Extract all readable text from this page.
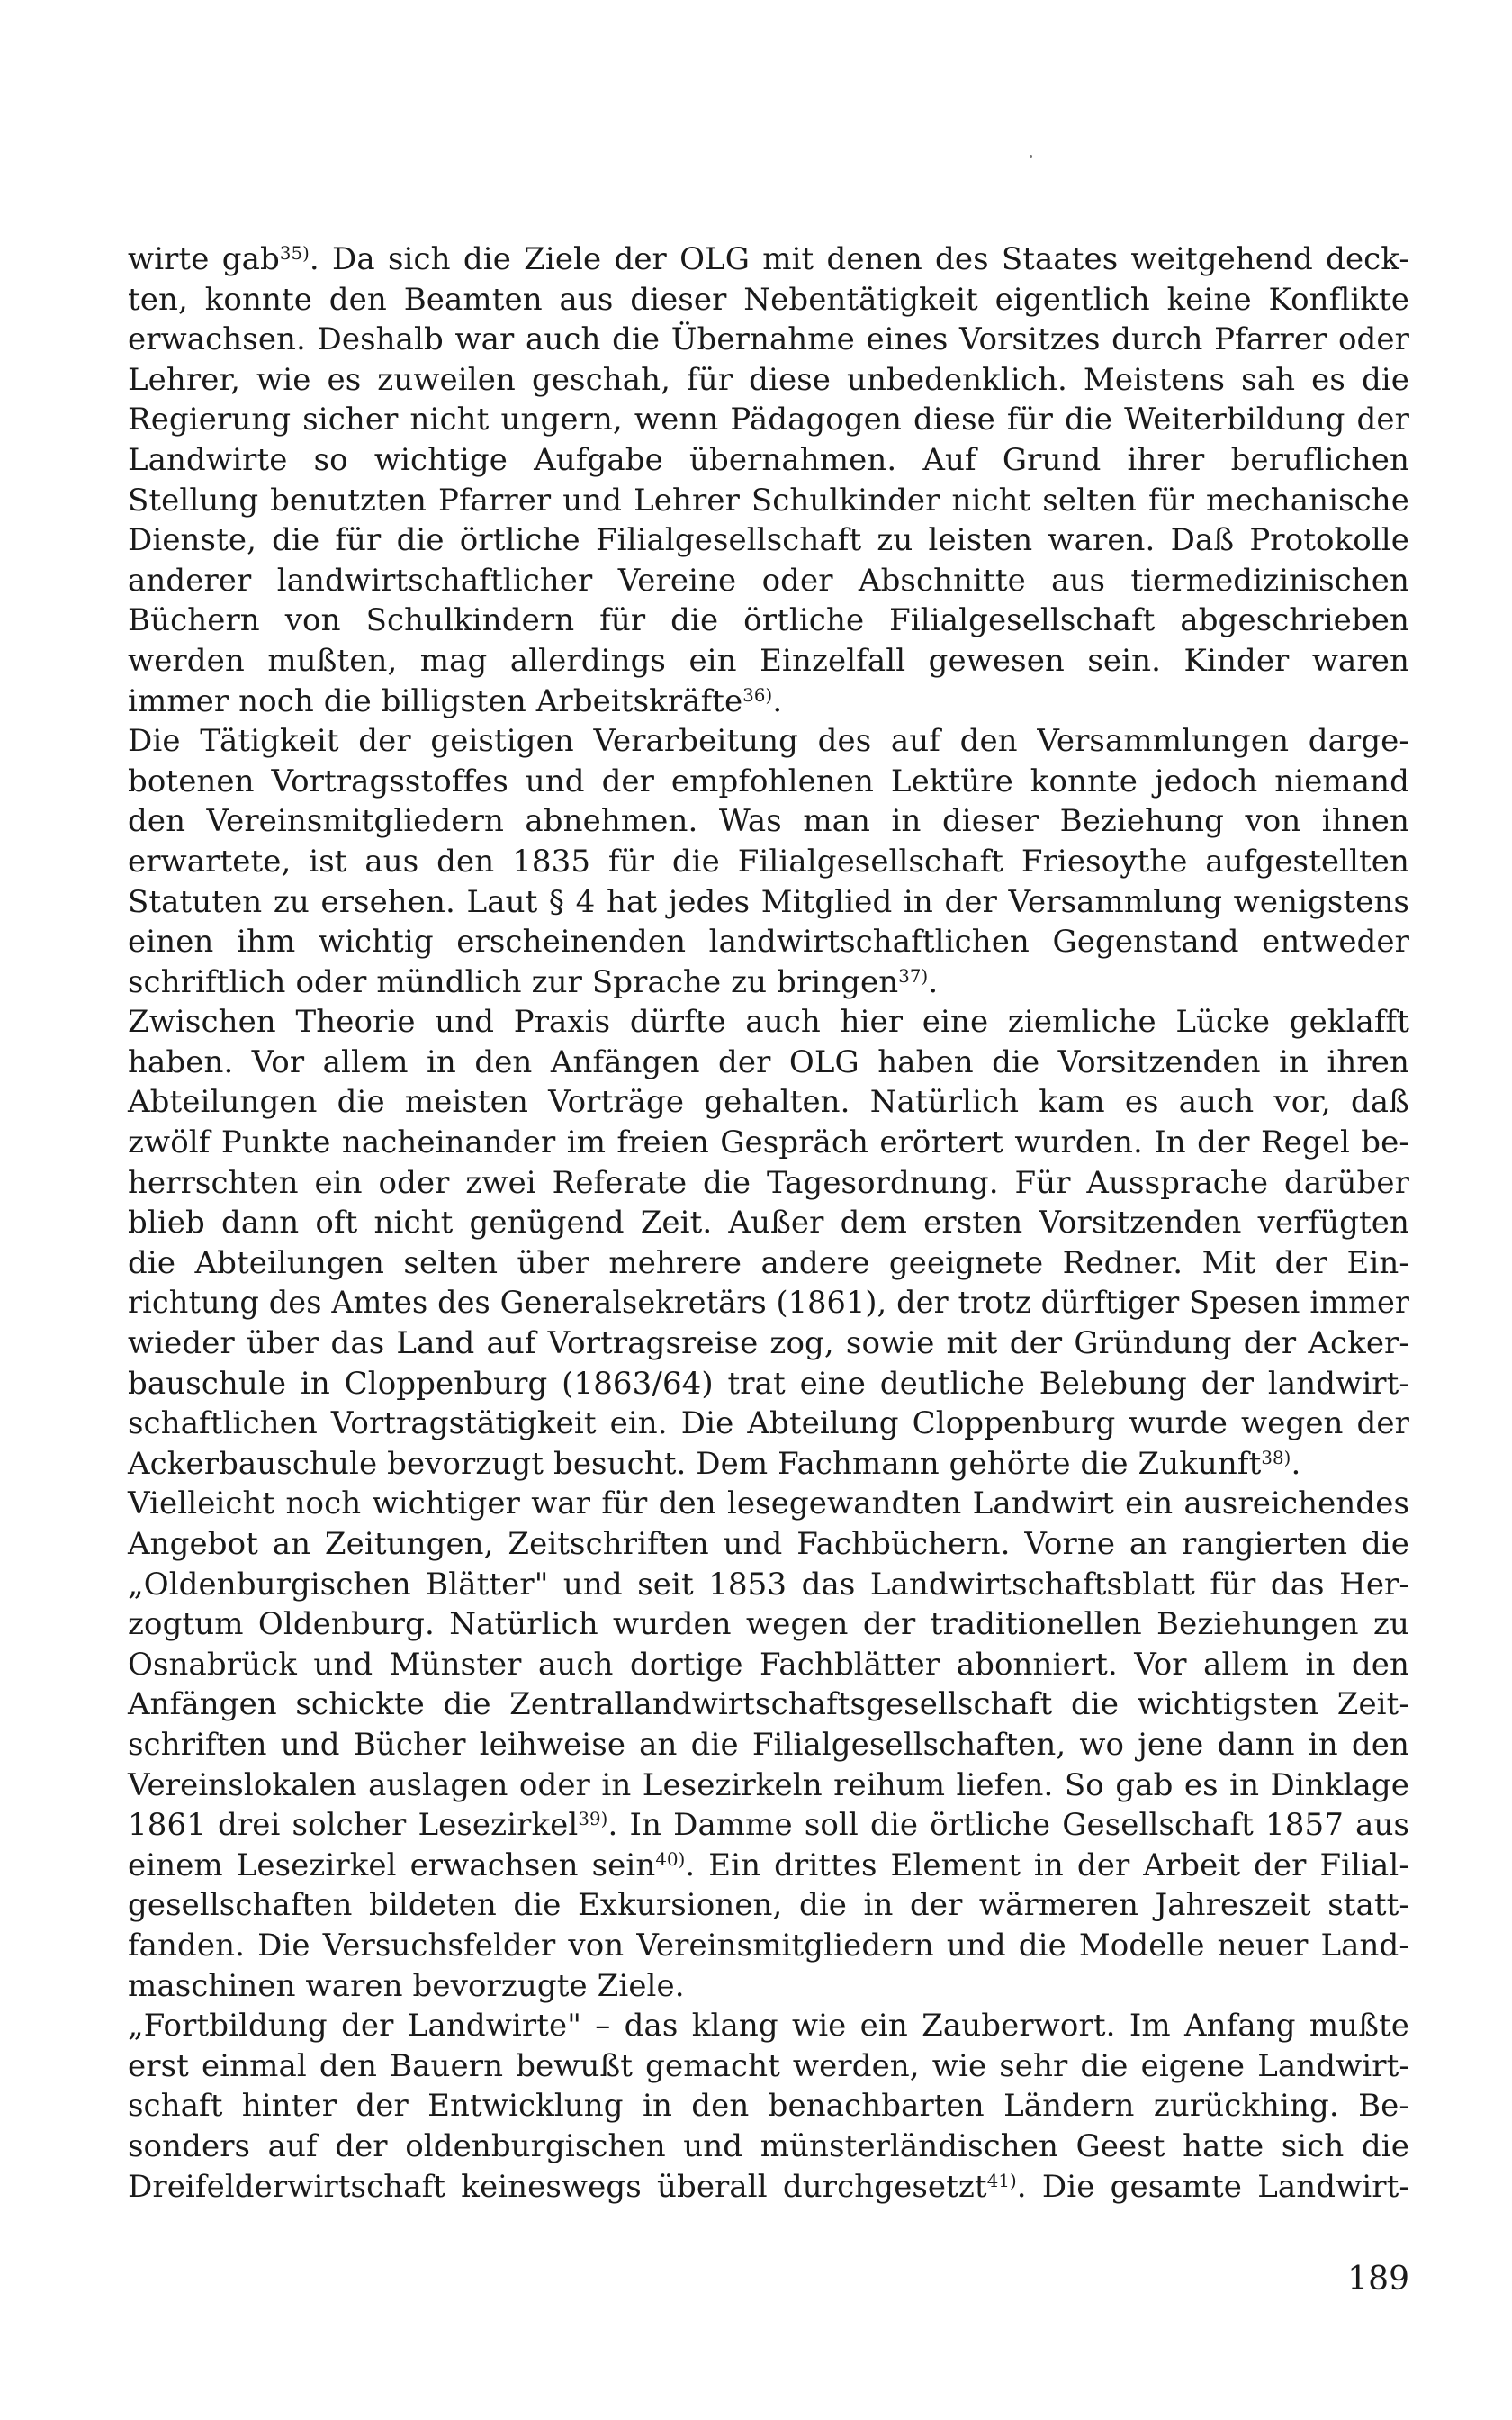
wirte gab$^{35)}$. Da sich die Ziele der OLG mit denen des Staates weitgehend deck-
ten, konnte den Beamten aus dieser Nebentätigkeit eigentlich keine Konflikte
erwachsen. Deshalb war auch die Übernahme eines Vorsitzes durch Pfarrer oder
Lehrer, wie es zuweilen geschah, für diese unbedenklich. Meistens sah es die
Regierung sicher nicht ungern, wenn Pädagogen diese für die Weiterbildung der
Landwirte so wichtige Aufgabe übernahmen. Auf Grund ihrer beruflichen
Stellung benutzten Pfarrer und Lehrer Schulkinder nicht selten für mechanische
Dienste, die für die örtliche Filialgesellschaft zu leisten waren. Daß Protokolle
anderer landwirtschaftlicher Vereine oder Abschnitte aus tiermedizinischen
Büchern von Schulkindern für die örtliche Filialgesellschaft abgeschrieben
werden mußten, mag allerdings ein Einzelfall gewesen sein. Kinder waren
immer noch die billigsten Arbeitskräfte$^{36)}$.
Die Tätigkeit der geistigen Verarbeitung des auf den Versammlungen darge-
botenen Vortragsstoffes und der empfohlenen Lektüre konnte jedoch niemand
den Vereinsmitgliedern abnehmen. Was man in dieser Beziehung von ihnen
erwartete, ist aus den 1835 für die Filialgesellschaft Friesoythe aufgestellten
Statuten zu ersehen. Laut § 4 hat jedes Mitglied in der Versammlung wenigstens
einen ihm wichtig erscheinenden landwirtschaftlichen Gegenstand entweder
schriftlich oder mündlich zur Sprache zu bringen$^{37)}$.
Zwischen Theorie und Praxis dürfte auch hier eine ziemliche Lücke geklafft
haben. Vor allem in den Anfängen der OLG haben die Vorsitzenden in ihren
Abteilungen die meisten Vorträge gehalten. Natürlich kam es auch vor, daß
zwölf Punkte nacheinander im freien Gespräch erörtert wurden. In der Regel be-
herrschten ein oder zwei Referate die Tagesordnung. Für Aussprache darüber
blieb dann oft nicht genügend Zeit. Außer dem ersten Vorsitzenden verfügten
die Abteilungen selten über mehrere andere geeignete Redner. Mit der Ein-
richtung des Amtes des Generalsekretärs (1861), der trotz dürftiger Spesen immer
wieder über das Land auf Vortragsreise zog, sowie mit der Gründung der Acker-
bauschule in Cloppenburg (1863/64) trat eine deutliche Belebung der landwirt-
schaftlichen Vortragstätigkeit ein. Die Abteilung Cloppenburg wurde wegen der
Ackerbauschule bevorzugt besucht. Dem Fachmann gehörte die Zukunft$^{38)}$.
Vielleicht noch wichtiger war für den lesegewandten Landwirt ein ausreichendes
Angebot an Zeitungen, Zeitschriften und Fachbüchern. Vorne an rangierten die
„Oldenburgischen Blätter" und seit 1853 das Landwirtschaftsblatt für das Her-
zogtum Oldenburg. Natürlich wurden wegen der traditionellen Beziehungen zu
Osnabrück und Münster auch dortige Fachblätter abonniert. Vor allem in den
Anfängen schickte die Zentrallandwirtschaftsgesellschaft die wichtigsten Zeit-
schriften und Bücher leihweise an die Filialgesellschaften, wo jene dann in den
Vereinslokalen auslagen oder in Lesezirkeln reihum liefen. So gab es in Dinklage
1861 drei solcher Lesezirkel$^{39)}$. In Damme soll die örtliche Gesellschaft 1857 aus
einem Lesezirkel erwachsen sein$^{40)}$. Ein drittes Element in der Arbeit der Filial-
gesellschaften bildeten die Exkursionen, die in der wärmeren Jahreszeit statt-
fanden. Die Versuchsfelder von Vereinsmitgliedern und die Modelle neuer Land-
maschinen waren bevorzugte Ziele.
„Fortbildung der Landwirte" – das klang wie ein Zauberwort. Im Anfang mußte
erst einmal den Bauern bewußt gemacht werden, wie sehr die eigene Landwirt-
schaft hinter der Entwicklung in den benachbarten Ländern zurückhing. Be-
sonders auf der oldenburgischen und münsterländischen Geest hatte sich die
Dreifelderwirtschaft keineswegs überall durchgesetzt$^{41)}$. Die gesamte Landwirt-
189
